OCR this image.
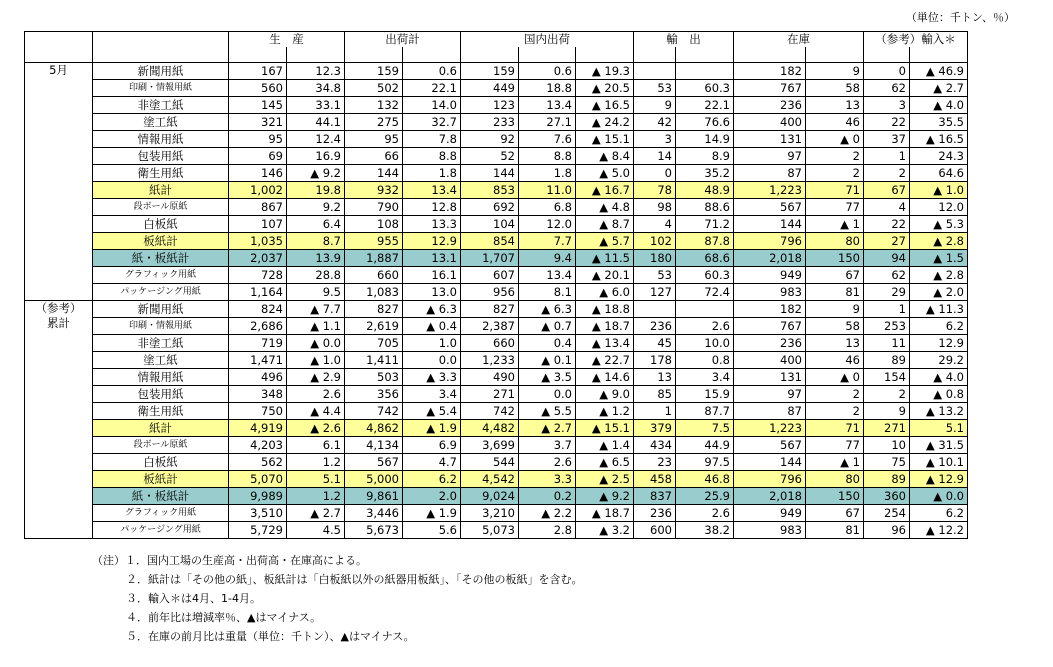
（単位：千トン、％）
		生　産		出荷計		国内出荷			輸　出		在庫		（参考）輸入＊	

5月	新聞用紙	167	12.3	159	0.6	159	0.6	▲ 19.3			182	9	0	▲ 46.9
	印刷・情報用紙	560	34.8	502	22.1	449	18.8	▲ 20.5	53	60.3	767	58	62	▲ 2.7
	非塗工紙	145	33.1	132	14.0	123	13.4	▲ 16.5	9	22.1	236	13	3	▲ 4.0
	塗工紙	321	44.1	275	32.7	233	27.1	▲ 24.2	42	76.6	400	46	22	35.5
	情報用紙	95	12.4	95	7.8	92	7.6	▲ 15.1	3	14.9	131	▲ 0	37	▲ 16.5
	包装用紙	69	16.9	66	8.8	52	8.8	▲ 8.4	14	8.9	97	2	1	24.3
	衛生用紙	146	▲ 9.2	144	1.8	144	1.8	▲ 5.0	0	35.2	87	2	2	64.6
	紙計	1,002	19.8	932	13.4	853	11.0	▲ 16.7	78	48.9	1,223	71	67	▲ 1.0
	段ボール原紙	867	9.2	790	12.8	692	6.8	▲ 4.8	98	88.6	567	77	4	12.0
	白板紙	107	6.4	108	13.3	104	12.0	▲ 8.7	4	71.2	144	▲ 1	22	▲ 5.3
	板紙計	1,035	8.7	955	12.9	854	7.7	▲ 5.7	102	87.8	796	80	27	▲ 2.8
	紙・板紙計	2,037	13.9	1,887	13.1	1,707	9.4	▲ 11.5	180	68.6	2,018	150	94	▲ 1.5
	グラフィック用紙	728	28.8	660	16.1	607	13.4	▲ 20.1	53	60.3	949	67	62	▲ 2.8
	パッケージング用紙	1,164	9.5	1,083	13.0	956	8.1	▲ 6.0	127	72.4	983	81	29	▲ 2.0

（参考）
累計	新聞用紙	824	▲ 7.7	827	▲ 6.3	827	▲ 6.3	▲ 18.8			182	9	1	▲ 11.3
	印刷・情報用紙	2,686	▲ 1.1	2,619	▲ 0.4	2,387	▲ 0.7	▲ 18.7	236	2.6	767	58	253	6.2
	非塗工紙	719	▲ 0.0	705	1.0	660	0.4	▲ 13.4	45	10.0	236	13	11	12.9
	塗工紙	1,471	▲ 1.0	1,411	0.0	1,233	▲ 0.1	▲ 22.7	178	0.8	400	46	89	29.2
	情報用紙	496	▲ 2.9	503	▲ 3.3	490	▲ 3.5	▲ 14.6	13	3.4	131	▲ 0	154	▲ 4.0
	包装用紙	348	2.6	356	3.4	271	0.0	▲ 9.0	85	15.9	97	2	2	▲ 0.8
	衛生用紙	750	▲ 4.4	742	▲ 5.4	742	▲ 5.5	▲ 1.2	1	87.7	87	2	9	▲ 13.2
	紙計	4,919	▲ 2.6	4,862	▲ 1.9	4,482	▲ 2.7	▲ 15.1	379	7.5	1,223	71	271	5.1
	段ボール原紙	4,203	6.1	4,134	6.9	3,699	3.7	▲ 1.4	434	44.9	567	77	10	▲ 31.5
	白板紙	562	1.2	567	4.7	544	2.6	▲ 6.5	23	97.5	144	▲ 1	75	▲ 10.1
	板紙計	5,070	5.1	5,000	6.2	4,542	3.3	▲ 2.5	458	46.8	796	80	89	▲ 12.9
	紙・板紙計	9,989	1.2	9,861	2.0	9,024	0.2	▲ 9.2	837	25.9	2,018	150	360	▲ 0.0
	グラフィック用紙	3,510	▲ 2.7	3,446	▲ 1.9	3,210	▲ 2.2	▲ 18.7	236	2.6	949	67	254	6.2
	パッケージング用紙	5,729	4.5	5,673	5.6	5,073	2.8	▲ 3.2	600	38.2	983	81	96	▲ 12.2
（注）１．国内工場の生産高・出荷高・在庫高による。
２．紙計は「その他の紙」、板紙計は「白板紙以外の紙器用板紙」、「その他の板紙」を含む。
３．輸入＊は4月、1-4月。
４．前年比は増減率％、▲はマイナス。
５．在庫の前月比は重量（単位：千トン）、▲はマイナス。
